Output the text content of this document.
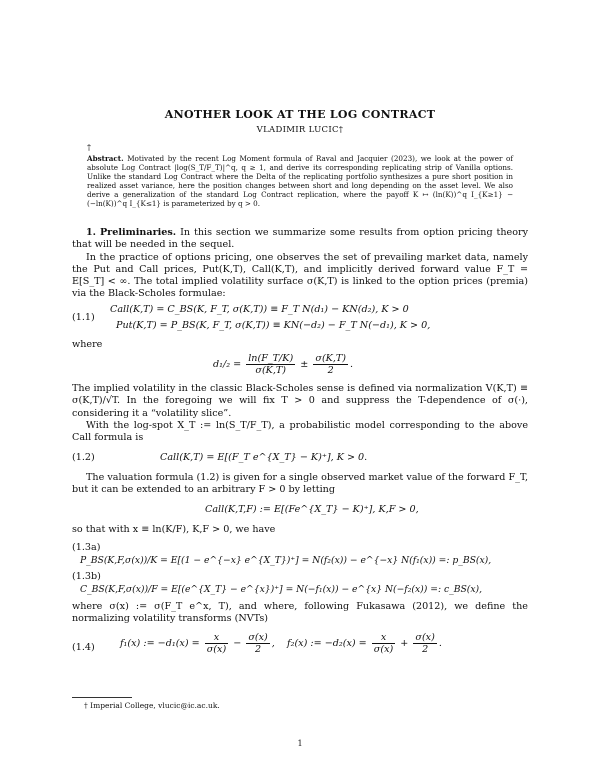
ANOTHER LOOK AT THE LOG CONTRACT
VLADIMIR LUCIC†
†
Abstract. Motivated by the recent Log Moment formula of Raval and Jacquier (2023), we look at the power of absolute Log Contract |log(S_T/F_T)|^q, q ≥ 1, and derive its corresponding replicating strip of Vanilla options. Unlike the standard Log Contract where the Delta of the replicating portfolio synthesizes a pure short position in realized asset variance, here the position changes between short and long depending on the asset level. We also derive a generalization of the standard Log Contract replication, where the payoff K ↦ (ln(K))^q I_{K≥1} − (−ln(K))^q I_{K≤1} is parameterized by q > 0.
1. Preliminaries. In this section we summarize some results from option pricing theory that will be needed in the sequel.
In the practice of options pricing, one observes the set of prevailing market data, namely the Put and Call prices, Put(K,T), Call(K,T), and implicitly derived forward value F_T = E[S_T] < ∞. The total implied volatility surface σ(K,T) is linked to the option prices (premia) via the Black-Scholes formulae:
(1.1)
Call(K,T) = C_BS(K, F_T, σ(K,T)) ≡ F_T N(d₁) − KN(d₂), K > 0
Put(K,T) = P_BS(K, F_T, σ(K,T)) ≡ KN(−d₂) − F_T N(−d₁), K > 0,
where
$d_1/_2 = \frac{\ln(F\_T/K)}{\sigma(K,T)} \pm \frac{\sigma(K,T)}{2}$ .
The implied volatility in the classic Black-Scholes sense is defined via normalization V(K,T) ≡ σ(K,T)/√T. In the foregoing we will fix T > 0 and suppress the T-dependence of σ(·), considering it a “volatility slice”.
With the log-spot X_T := ln(S_T/F_T), a probabilistic model corresponding to the above Call formula is
(1.2)	Call(K,T) = E[(F_T e^{X_T} − K)⁺], K > 0.
The valuation formula (1.2) is given for a single observed market value of the forward F_T, but it can be extended to an arbitrary F > 0 by letting
Call(K,T,F) := E[(Fe^{X_T} − K)⁺], K,F > 0,
so that with x ≡ ln(K/F), K,F > 0, we have
(1.3a)
P_BS(K,F,σ(x))/K = E[(1 − e^{−x} e^{X_T})⁺] = N(f₂(x)) − e^{−x} N(f₁(x)) =: p_BS(x),
(1.3b)
C_BS(K,F,σ(x))/F = E[(e^{X_T} − e^{x})⁺] = N(−f₁(x)) − e^{x} N(−f₂(x)) =: c_BS(x),
where σ(x) := σ(F_T e^x, T), and where, following Fukasawa (2012), we define the normalizing volatility transforms (NVTs)
(1.4)	f₁(x) := $-d_1(x) = \frac{x}{\sigma(x)} - \frac{\sigma(x)}{2}$ ,    f₂(x) := $-d_2(x) = \frac{x}{\sigma(x)} + \frac{\sigma(x)}{2}$ .
† Imperial College, vlucic@ic.ac.uk.
1
